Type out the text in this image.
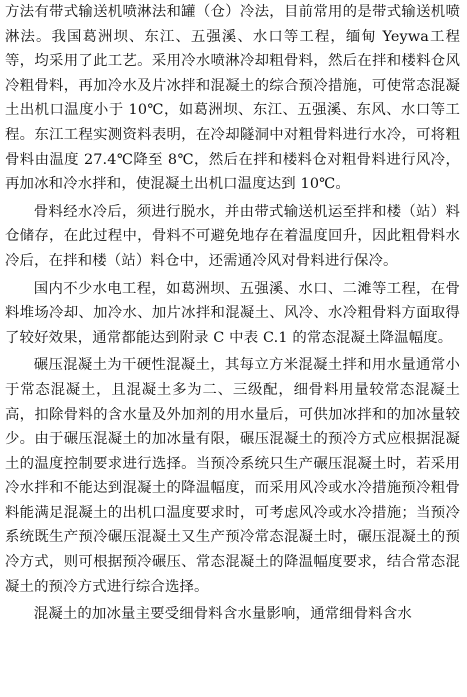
方法有带式输送机喷淋法和罐（仓）冷法，目前常用的是带式输送机喷淋法。我国葛洲坝、东江、五强溪、水口等工程，缅甸 Yeywa工程等，均采用了此工艺。采用冷水喷淋冷却粗骨料，然后在拌和楼料仓风冷粗骨料，再加冷水及片冰拌和混凝土的综合预冷措施，可使常态混凝土出机口温度小于 10℃，如葛洲坝、东江、五强溪、东风、水口等工程。东江工程实测资料表明，在冷却隧洞中对粗骨料进行水冷，可将粗骨料由温度 27.4℃降至 8℃，然后在拌和楼料仓对粗骨料进行风冷，再加冰和冷水拌和，使混凝土出机口温度达到 10℃。

骨料经水冷后，须进行脱水，并由带式输送机运至拌和楼（站）料仓储存，在此过程中，骨料不可避免地存在着温度回升，因此粗骨料水冷后，在拌和楼（站）料仓中，还需通冷风对骨料进行保冷。

国内不少水电工程，如葛洲坝、五强溪、水口、二滩等工程，在骨料堆场冷却、加冷水、加片冰拌和混凝土、风冷、水冷粗骨料方面取得了较好效果，通常都能达到附录 C 中表 C.1 的常态混凝土降温幅度。

碾压混凝土为干硬性混凝土，其每立方米混凝土拌和用水量通常小于常态混凝土，且混凝土多为二、三级配，细骨料用量较常态混凝土高，扣除骨料的含水量及外加剂的用水量后，可供加冰拌和的加冰量较少。由于碾压混凝土的加冰量有限，碾压混凝土的预冷方式应根据混凝土的温度控制要求进行选择。当预冷系统只生产碾压混凝土时，若采用冷水拌和不能达到混凝土的降温幅度，而采用风冷或水冷措施预冷粗骨料能满足混凝土的出机口温度要求时，可考虑风冷或水冷措施；当预冷系统既生产预冷碾压混凝土又生产预冷常态混凝土时，碾压混凝土的预冷方式，则可根据预冷碾压、常态混凝土的降温幅度要求，结合常态混凝土的预冷方式进行综合选择。

混凝土的加冰量主要受细骨料含水量影响，通常细骨料含水
